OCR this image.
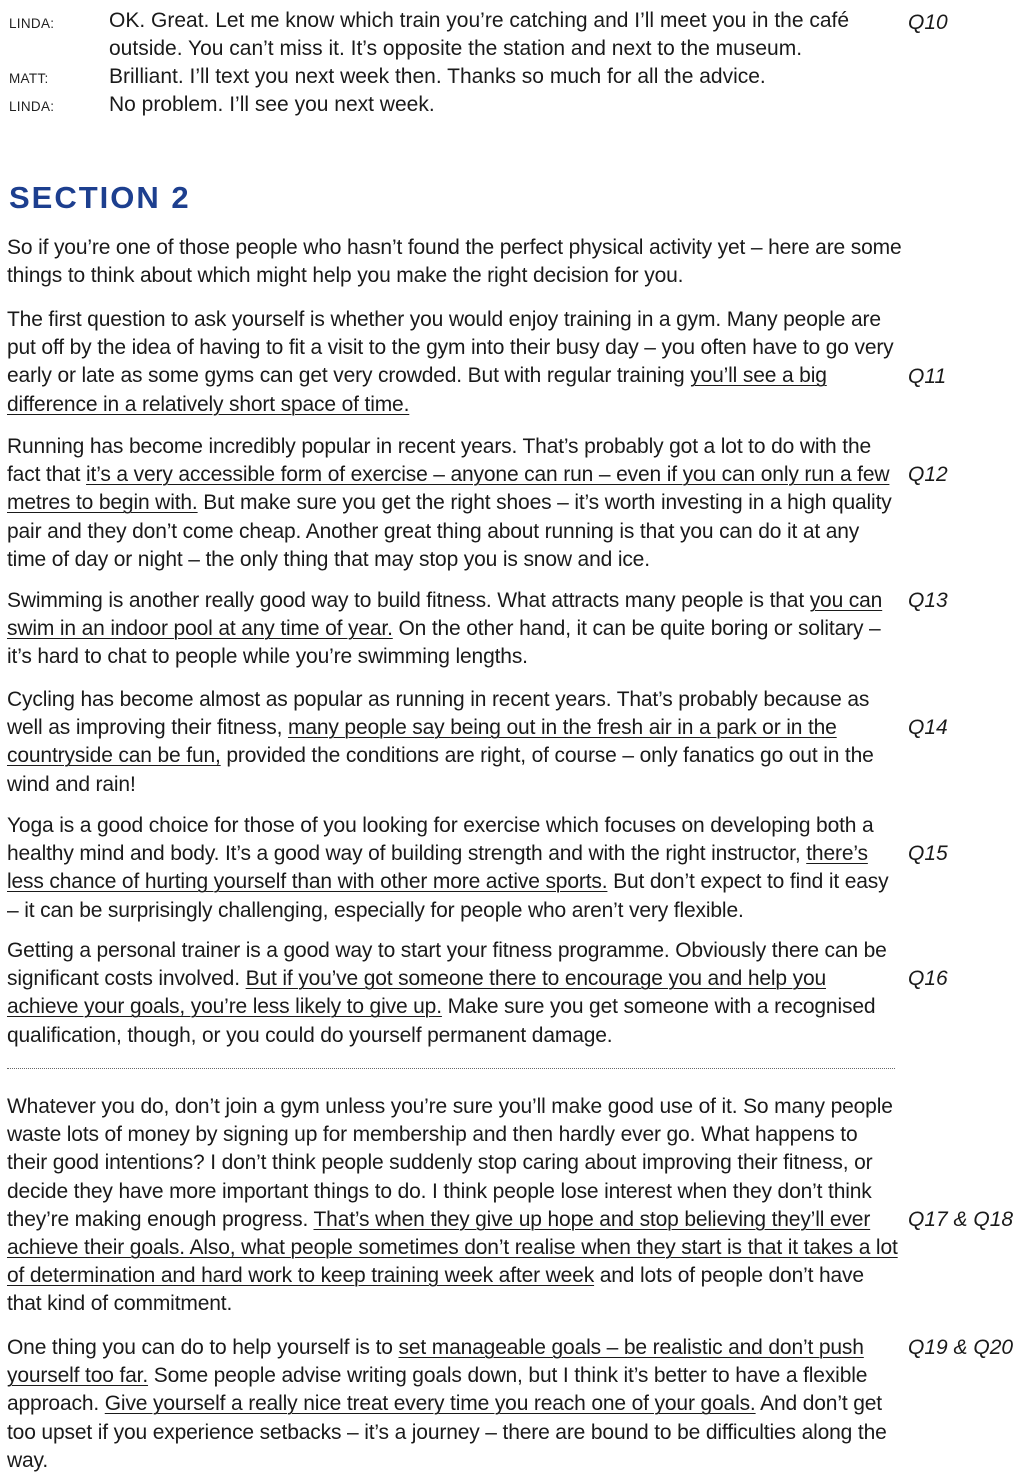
LINDA:	OK. Great. Let me know which train you’re catching and I’ll meet you in the café outside. You can’t miss it. It’s opposite the station and next to the museum.
Q10
MATT:	Brilliant. I’ll text you next week then. Thanks so much for all the advice.
LINDA:	No problem. I’ll see you next week.
SECTION 2
So if you’re one of those people who hasn’t found the perfect physical activity yet – here are some things to think about which might help you make the right decision for you.
The first question to ask yourself is whether you would enjoy training in a gym. Many people are put off by the idea of having to fit a visit to the gym into their busy day – you often have to go very early or late as some gyms can get very crowded. But with regular training you’ll see a big difference in a relatively short space of time.
Q11
Running has become incredibly popular in recent years. That’s probably got a lot to do with the fact that it’s a very accessible form of exercise – anyone can run – even if you can only run a few metres to begin with. But make sure you get the right shoes – it’s worth investing in a high quality pair and they don’t come cheap. Another great thing about running is that you can do it at any time of day or night – the only thing that may stop you is snow and ice.
Q12
Swimming is another really good way to build fitness. What attracts many people is that you can swim in an indoor pool at any time of year. On the other hand, it can be quite boring or solitary – it’s hard to chat to people while you’re swimming lengths.
Q13
Cycling has become almost as popular as running in recent years. That’s probably because as well as improving their fitness, many people say being out in the fresh air in a park or in the countryside can be fun, provided the conditions are right, of course – only fanatics go out in the wind and rain!
Q14
Yoga is a good choice for those of you looking for exercise which focuses on developing both a healthy mind and body. It’s a good way of building strength and with the right instructor, there’s less chance of hurting yourself than with other more active sports. But don’t expect to find it easy – it can be surprisingly challenging, especially for people who aren’t very flexible.
Q15
Getting a personal trainer is a good way to start your fitness programme. Obviously there can be significant costs involved. But if you’ve got someone there to encourage you and help you achieve your goals, you’re less likely to give up. Make sure you get someone with a recognised qualification, though, or you could do yourself permanent damage.
Q16
Whatever you do, don’t join a gym unless you’re sure you’ll make good use of it. So many people waste lots of money by signing up for membership and then hardly ever go. What happens to their good intentions? I don’t think people suddenly stop caring about improving their fitness, or decide they have more important things to do. I think people lose interest when they don’t think they’re making enough progress. That’s when they give up hope and stop believing they’ll ever achieve their goals. Also, what people sometimes don’t realise when they start is that it takes a lot of determination and hard work to keep training week after week and lots of people don’t have that kind of commitment.
Q17 & Q18
One thing you can do to help yourself is to set manageable goals – be realistic and don’t push yourself too far. Some people advise writing goals down, but I think it’s better to have a flexible approach. Give yourself a really nice treat every time you reach one of your goals. And don’t get too upset if you experience setbacks – it’s a journey – there are bound to be difficulties along the way.
Q19 & Q20
